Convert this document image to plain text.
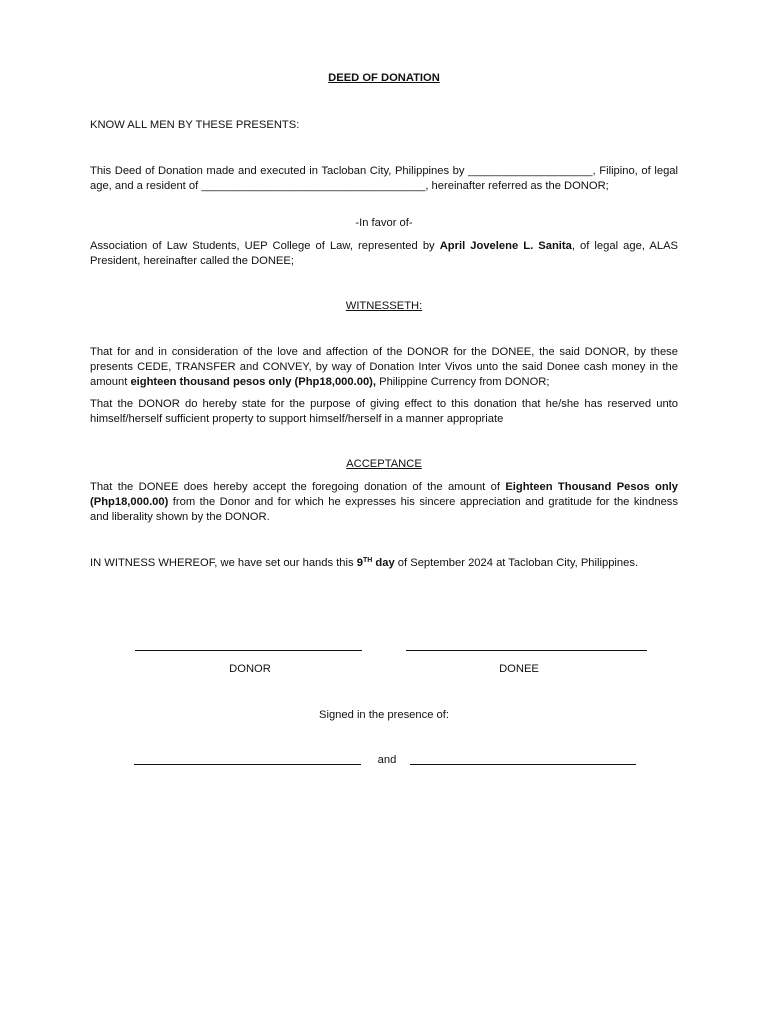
DEED OF DONATION
KNOW ALL MEN BY THESE PRESENTS:
This Deed of Donation made and executed in Tacloban City, Philippines by ____________________, Filipino, of legal age, and a resident of ____________________________________, hereinafter referred as the DONOR;
-In favor of-
Association of Law Students, UEP College of Law, represented by April Jovelene L. Sanita, of legal age, ALAS President, hereinafter called the DONEE;
WITNESSETH:
That for and in consideration of the love and affection of the DONOR for the DONEE, the said DONOR, by these presents CEDE, TRANSFER and CONVEY, by way of Donation Inter Vivos unto the said Donee cash money in the amount eighteen thousand pesos only (Php18,000.00), Philippine Currency from DONOR;
That the DONOR do hereby state for the purpose of giving effect to this donation that he/she has reserved unto himself/herself sufficient property to support himself/herself in a manner appropriate
ACCEPTANCE
That the DONEE does hereby accept the foregoing donation of the amount of Eighteen Thousand Pesos only (Php18,000.00) from the Donor and for which he expresses his sincere appreciation and gratitude for the kindness and liberality shown by the DONOR.
IN WITNESS WHEREOF, we have set our hands this 9TH day of September 2024 at Tacloban City, Philippines.
DONOR	DONEE
Signed in the presence of:
and
